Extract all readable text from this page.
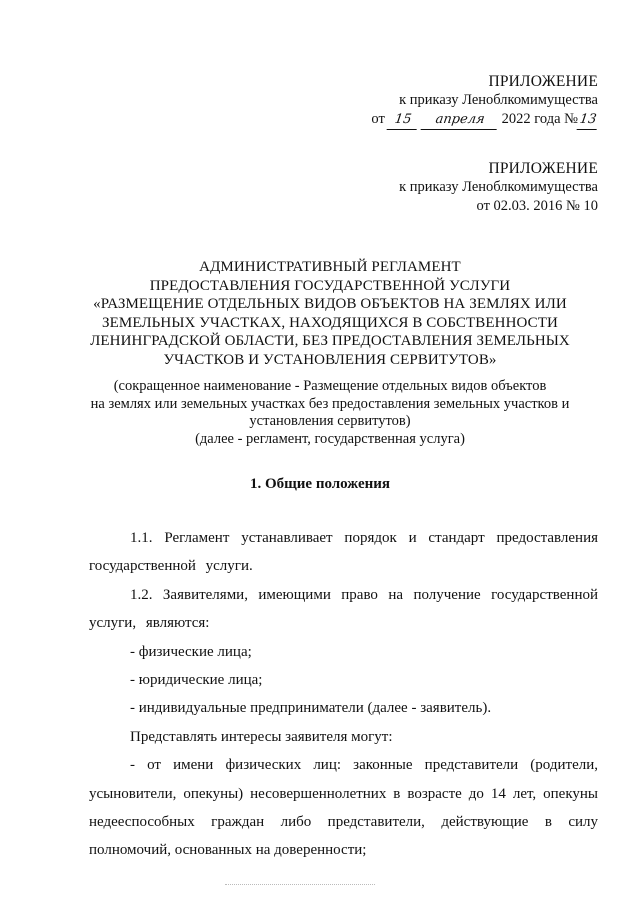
ПРИЛОЖЕНИЕ
к приказу Леноблкомимущества
от 15 апреля 2022 года №13
ПРИЛОЖЕНИЕ
к приказу Леноблкомимущества
от 02.03. 2016 № 10
АДМИНИСТРАТИВНЫЙ РЕГЛАМЕНТ
ПРЕДОСТАВЛЕНИЯ ГОСУДАРСТВЕННОЙ УСЛУГИ
«РАЗМЕЩЕНИЕ ОТДЕЛЬНЫХ ВИДОВ ОБЪЕКТОВ НА ЗЕМЛЯХ ИЛИ
ЗЕМЕЛЬНЫХ УЧАСТКАХ, НАХОДЯЩИХСЯ В СОБСТВЕННОСТИ
ЛЕНИНГРАДСКОЙ ОБЛАСТИ, БЕЗ ПРЕДОСТАВЛЕНИЯ ЗЕМЕЛЬНЫХ
УЧАСТКОВ И УСТАНОВЛЕНИЯ СЕРВИТУТОВ»
(сокращенное наименование - Размещение отдельных видов объектов
на землях или земельных участках без предоставления земельных участков и
установления сервитутов)
(далее - регламент, государственная услуга)
1. Общие положения

1.1. Регламент устанавливает порядок и стандарт предоставления государственной услуги.

1.2. Заявителями, имеющими право на получение государственной услуги, являются:

- физические лица;

- юридические лица;

- индивидуальные предприниматели (далее - заявитель).

Представлять интересы заявителя могут:

- от имени физических лиц: законные представители (родители, усыновители, опекуны) несовершеннолетних в возрасте до 14 лет, опекуны недееспособных граждан либо представители, действующие в силу полномочий, основанных на доверенности;
